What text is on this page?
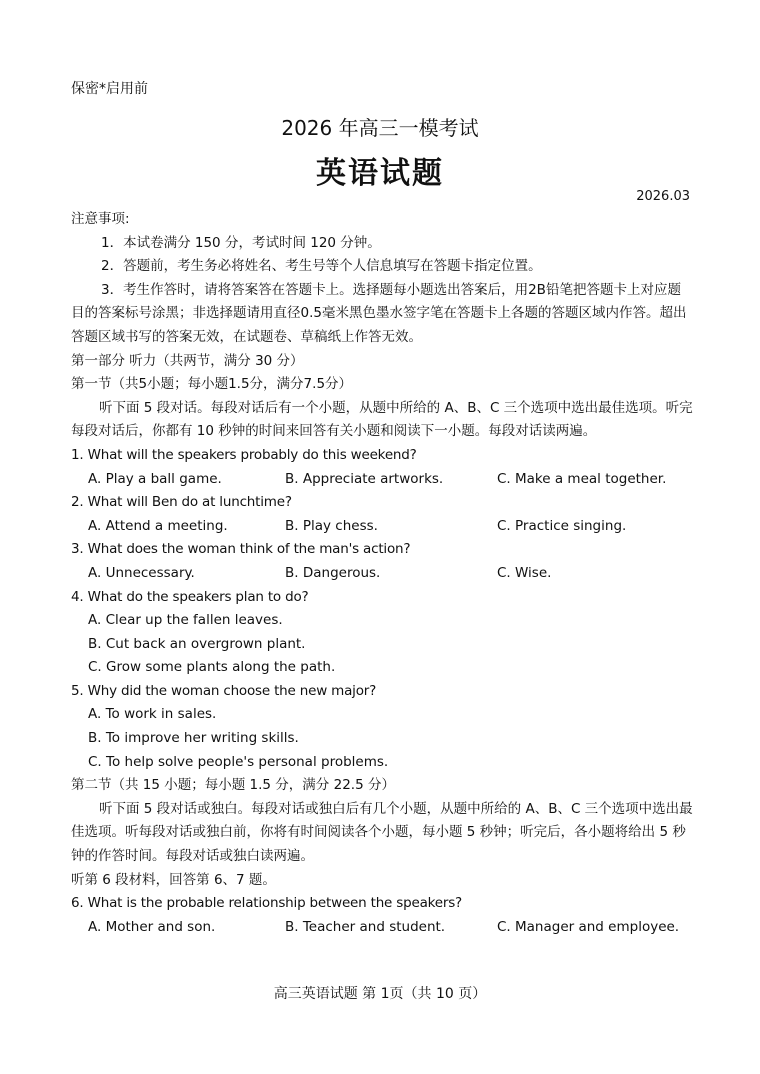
保密*启用前
2026 年高三一模考试
英语试题
2026.03

注意事项:

1．本试卷满分 150 分，考试时间 120 分钟。

2．答题前，考生务必将姓名、考生号等个人信息填写在答题卡指定位置。

3．考生作答时，请将答案答在答题卡上。选择题每小题选出答案后，用2B铅笔把答题卡上对应题目的答案标号涂黑；非选择题请用直径0.5毫米黑色墨水签字笔在答题卡上各题的答题区域内作答。超出答题区域书写的答案无效，在试题卷、草稿纸上作答无效。

第一部分 听力（共两节，满分 30 分）

第一节（共5小题；每小题1.5分，满分7.5分）

听下面 5 段对话。每段对话后有一个小题，从题中所给的 A、B、C 三个选项中选出最佳选项。听完每段对话后，你都有 10 秒钟的时间来回答有关小题和阅读下一小题。每段对话读两遍。

1. What will the speakers probably do this weekend?

A. Play a ball game.	B. Appreciate artworks.	C. Make a meal together.

2. What will Ben do at lunchtime?

A. Attend a meeting.	B. Play chess.	C. Practice singing.

3. What does the woman think of the man's action?

A. Unnecessary.	B. Dangerous.	C. Wise.

4. What do the speakers plan to do?

A. Clear up the fallen leaves.

B. Cut back an overgrown plant.

C. Grow some plants along the path.

5. Why did the woman choose the new major?

A. To work in sales.

B. To improve her writing skills.

C. To help solve people's personal problems.

第二节（共 15 小题；每小题 1.5 分，满分 22.5 分）

听下面 5 段对话或独白。每段对话或独白后有几个小题，从题中所给的 A、B、C 三个选项中选出最佳选项。听每段对话或独白前，你将有时间阅读各个小题，每小题 5 秒钟；听完后，各小题将给出 5 秒钟的作答时间。每段对话或独白读两遍。

听第 6 段材料，回答第 6、7 题。

6. What is the probable relationship between the speakers?

A. Mother and son.	B. Teacher and student.	C. Manager and employee.
高三英语试题 第 1页（共 10 页）
